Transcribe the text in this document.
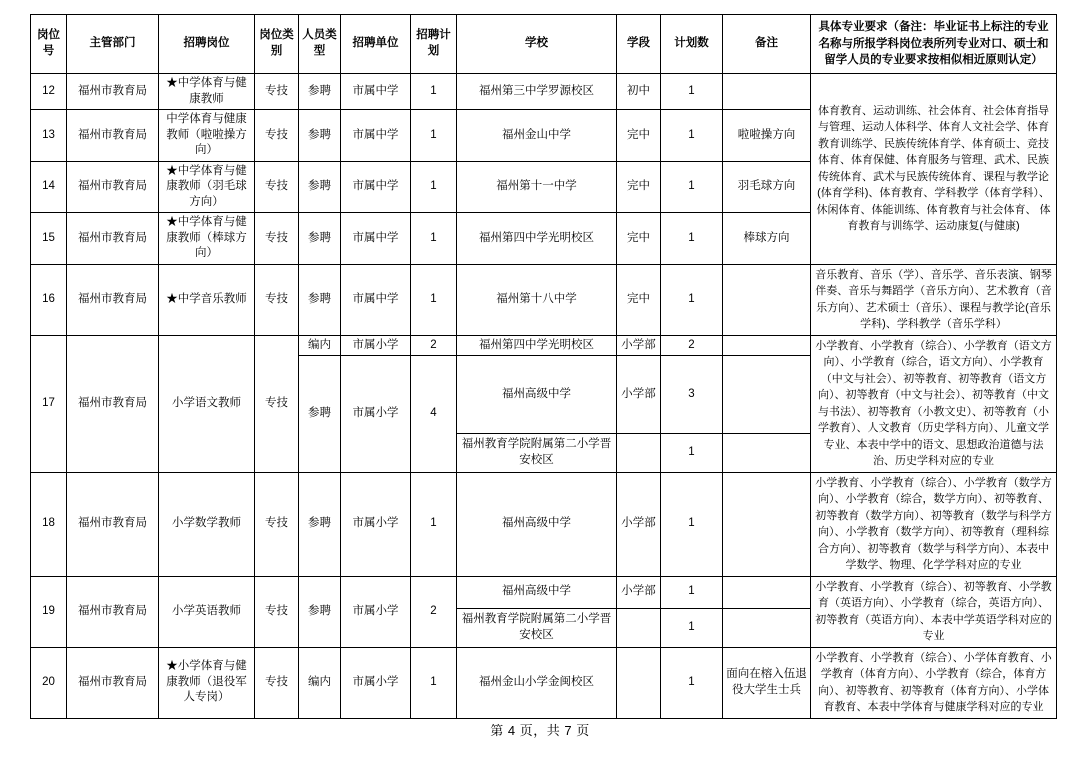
岗位号	主管部门	招聘岗位	岗位类别	人员类型	招聘单位	招聘计划	学校	学段	计划数	备注	具体专业要求（备注：毕业证书上标注的专业名称与所报学科岗位表所列专业对口、硕士和留学人员的专业要求按相似相近原则认定）
12	福州市教育局	★中学体育与健康教师	专技	参聘	市属中学	1	福州第三中学罗源校区	初中	1		体育教育、运动训练、社会体育、社会体育指导与管理、运动人体科学、体育人文社会学、体育教育训练学、民族传统体育学、体育硕士、竞技体育、体育保健、体育服务与管理、武术、民族传统体育、武术与民族传统体育、课程与教学论(体育学科)、体育教育、学科教学（体育学科）、休闲体育、体能训练、体育教育与社会体育、 体育教育与训练学、运动康复(与健康)
13	福州市教育局	中学体育与健康教师（啦啦操方向）	专技	参聘	市属中学	1	福州金山中学	完中	1	啦啦操方向	
14	福州市教育局	★中学体育与健康教师（羽毛球方向）	专技	参聘	市属中学	1	福州第十一中学	完中	1	羽毛球方向	
15	福州市教育局	★中学体育与健康教师（棒球方向）	专技	参聘	市属中学	1	福州第四中学光明校区	完中	1	棒球方向	
16	福州市教育局	★中学音乐教师	专技	参聘	市属中学	1	福州第十八中学	完中	1		音乐教育、音乐（学）、音乐学、音乐表演、钢琴伴奏、音乐与舞蹈学（音乐方向）、艺术教育（音乐方向）、艺术硕士（音乐）、课程与教学论(音乐学科)、学科教学（音乐学科）
17	福州市教育局	小学语文教师	专技	编内	市属小学	2	福州第四中学光明校区	小学部	2		小学教育、小学教育（综合）、小学教育（语文方向）、小学教育（综合，语文方向）、小学教育（中文与社会）、初等教育、初等教育（语文方向）、初等教育（中文与社会）、初等教育（中文与书法）、初等教育（小教文史）、初等教育（小学教育）、人文教育（历史学科方向）、儿童文学专业、本表中学中的语文、思想政治道德与法治、历史学科对应的专业
				参聘	市属小学	4	福州高级中学	小学部	3		
							福州教育学院附属第二小学晋安校区		1		
18	福州市教育局	小学数学教师	专技	参聘	市属小学	1	福州高级中学	小学部	1		小学教育、小学教育（综合）、小学教育（数学方向）、小学教育（综合，数学方向）、初等教育、初等教育（数学方向）、初等教育（数学与科学方向）、小学教育（数学方向）、初等教育（理科综合方向）、初等教育（数学与科学方向）、本表中学数学、物理、化学学科对应的专业
19	福州市教育局	小学英语教师	专技	参聘	市属小学	2	福州高级中学	小学部	1		小学教育、小学教育（综合）、初等教育、小学教育（英语方向）、小学教育（综合，英语方向）、初等教育（英语方向）、本表中学英语学科对应的专业
							福州教育学院附属第二小学晋安校区		1		
20	福州市教育局	★小学体育与健康教师（退役军人专岗）	专技	编内	市属小学	1	福州金山小学金闽校区		1	面向在榕入伍退役大学生士兵	小学教育、小学教育（综合）、小学体育教育、小学教育（体育方向）、小学教育（综合，体育方向）、初等教育、初等教育（体育方向）、小学体育教育、本表中学体育与健康学科对应的专业
第 4 页，共 7 页
